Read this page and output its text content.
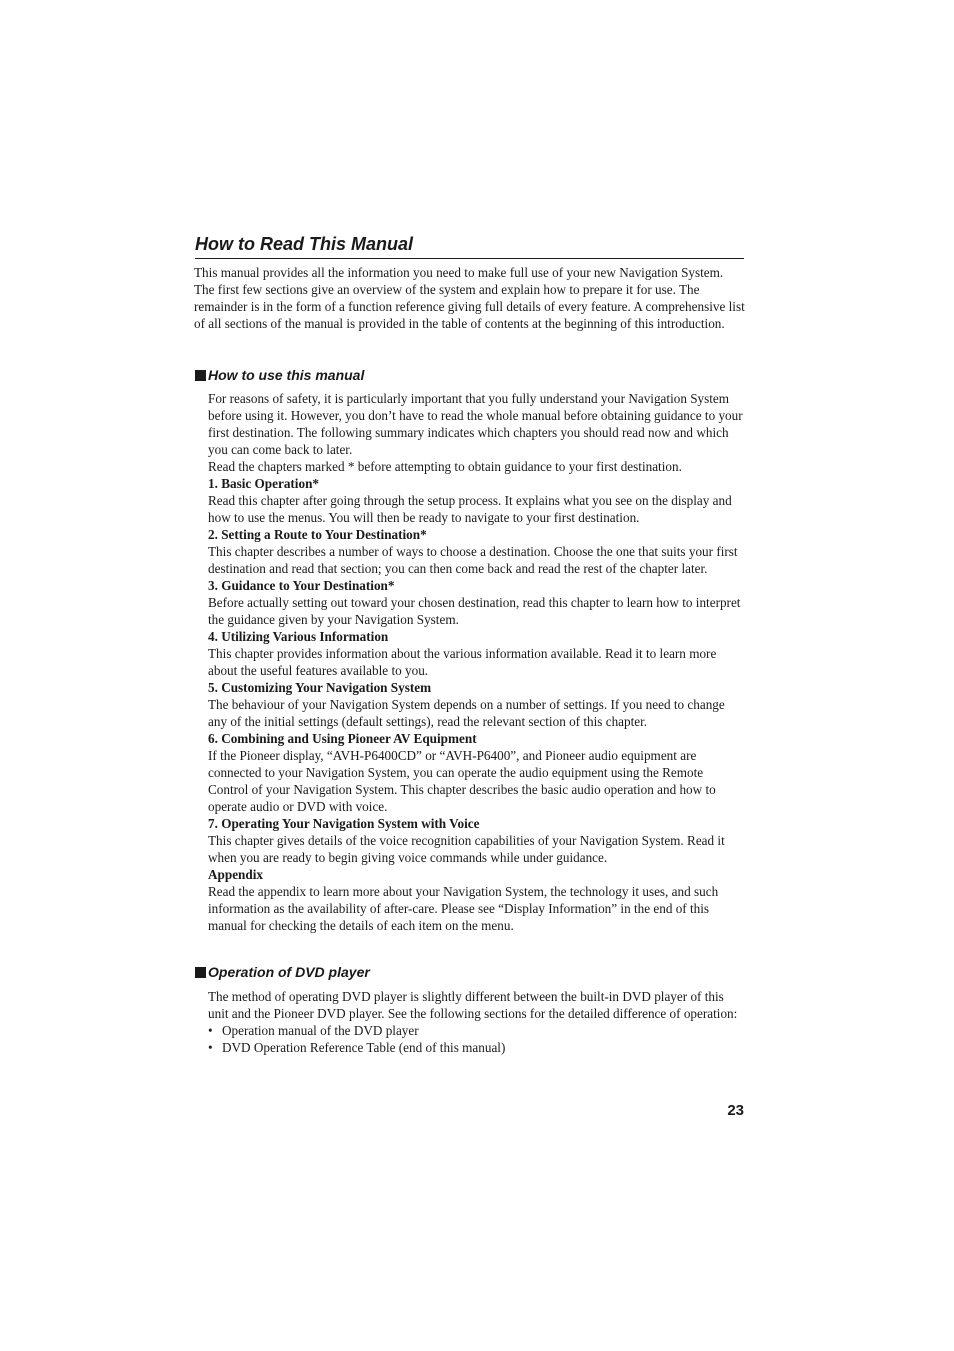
How to Read This Manual

This manual provides all the information you need to make full use of your new Navigation System. The first few sections give an overview of the system and explain how to prepare it for use. The remainder is in the form of a function reference giving full details of every feature. A comprehensive list of all sections of the manual is provided in the table of contents at the beginning of this introduction.

How to use this manual

For reasons of safety, it is particularly important that you fully understand your Navigation System before using it. However, you don’t have to read the whole manual before obtaining guidance to your first destination. The following summary indicates which chapters you should read now and which you can come back to later.

Read the chapters marked * before attempting to obtain guidance to your first destination.

1. Basic Operation*

Read this chapter after going through the setup process. It explains what you see on the display and how to use the menus. You will then be ready to navigate to your first destination.

2. Setting a Route to Your Destination*

This chapter describes a number of ways to choose a destination. Choose the one that suits your first destination and read that section; you can then come back and read the rest of the chapter later.

3. Guidance to Your Destination*

Before actually setting out toward your chosen destination, read this chapter to learn how to interpret the guidance given by your Navigation System.

4. Utilizing Various Information

This chapter provides information about the various information available. Read it to learn more about the useful features available to you.

5. Customizing Your Navigation System

The behaviour of your Navigation System depends on a number of settings. If you need to change any of the initial settings (default settings), read the relevant section of this chapter.

6. Combining and Using Pioneer AV Equipment

If the Pioneer display, “AVH-P6400CD” or “AVH-P6400”, and Pioneer audio equipment are connected to your Navigation System, you can operate the audio equipment using the Remote Control of your Navigation System. This chapter describes the basic audio operation and how to operate audio or DVD with voice.

7. Operating Your Navigation System with Voice

This chapter gives details of the voice recognition capabilities of your Navigation System. Read it when you are ready to begin giving voice commands while under guidance.

Appendix

Read the appendix to learn more about your Navigation System, the technology it uses, and such information as the availability of after-care. Please see “Display Information” in the end of this manual for checking the details of each item on the menu.

Operation of DVD player

The method of operating DVD player is slightly different between the built-in DVD player of this unit and the Pioneer DVD player. See the following sections for the detailed difference of operation:

• Operation manual of the DVD player
• DVD Operation Reference Table (end of this manual)
23
